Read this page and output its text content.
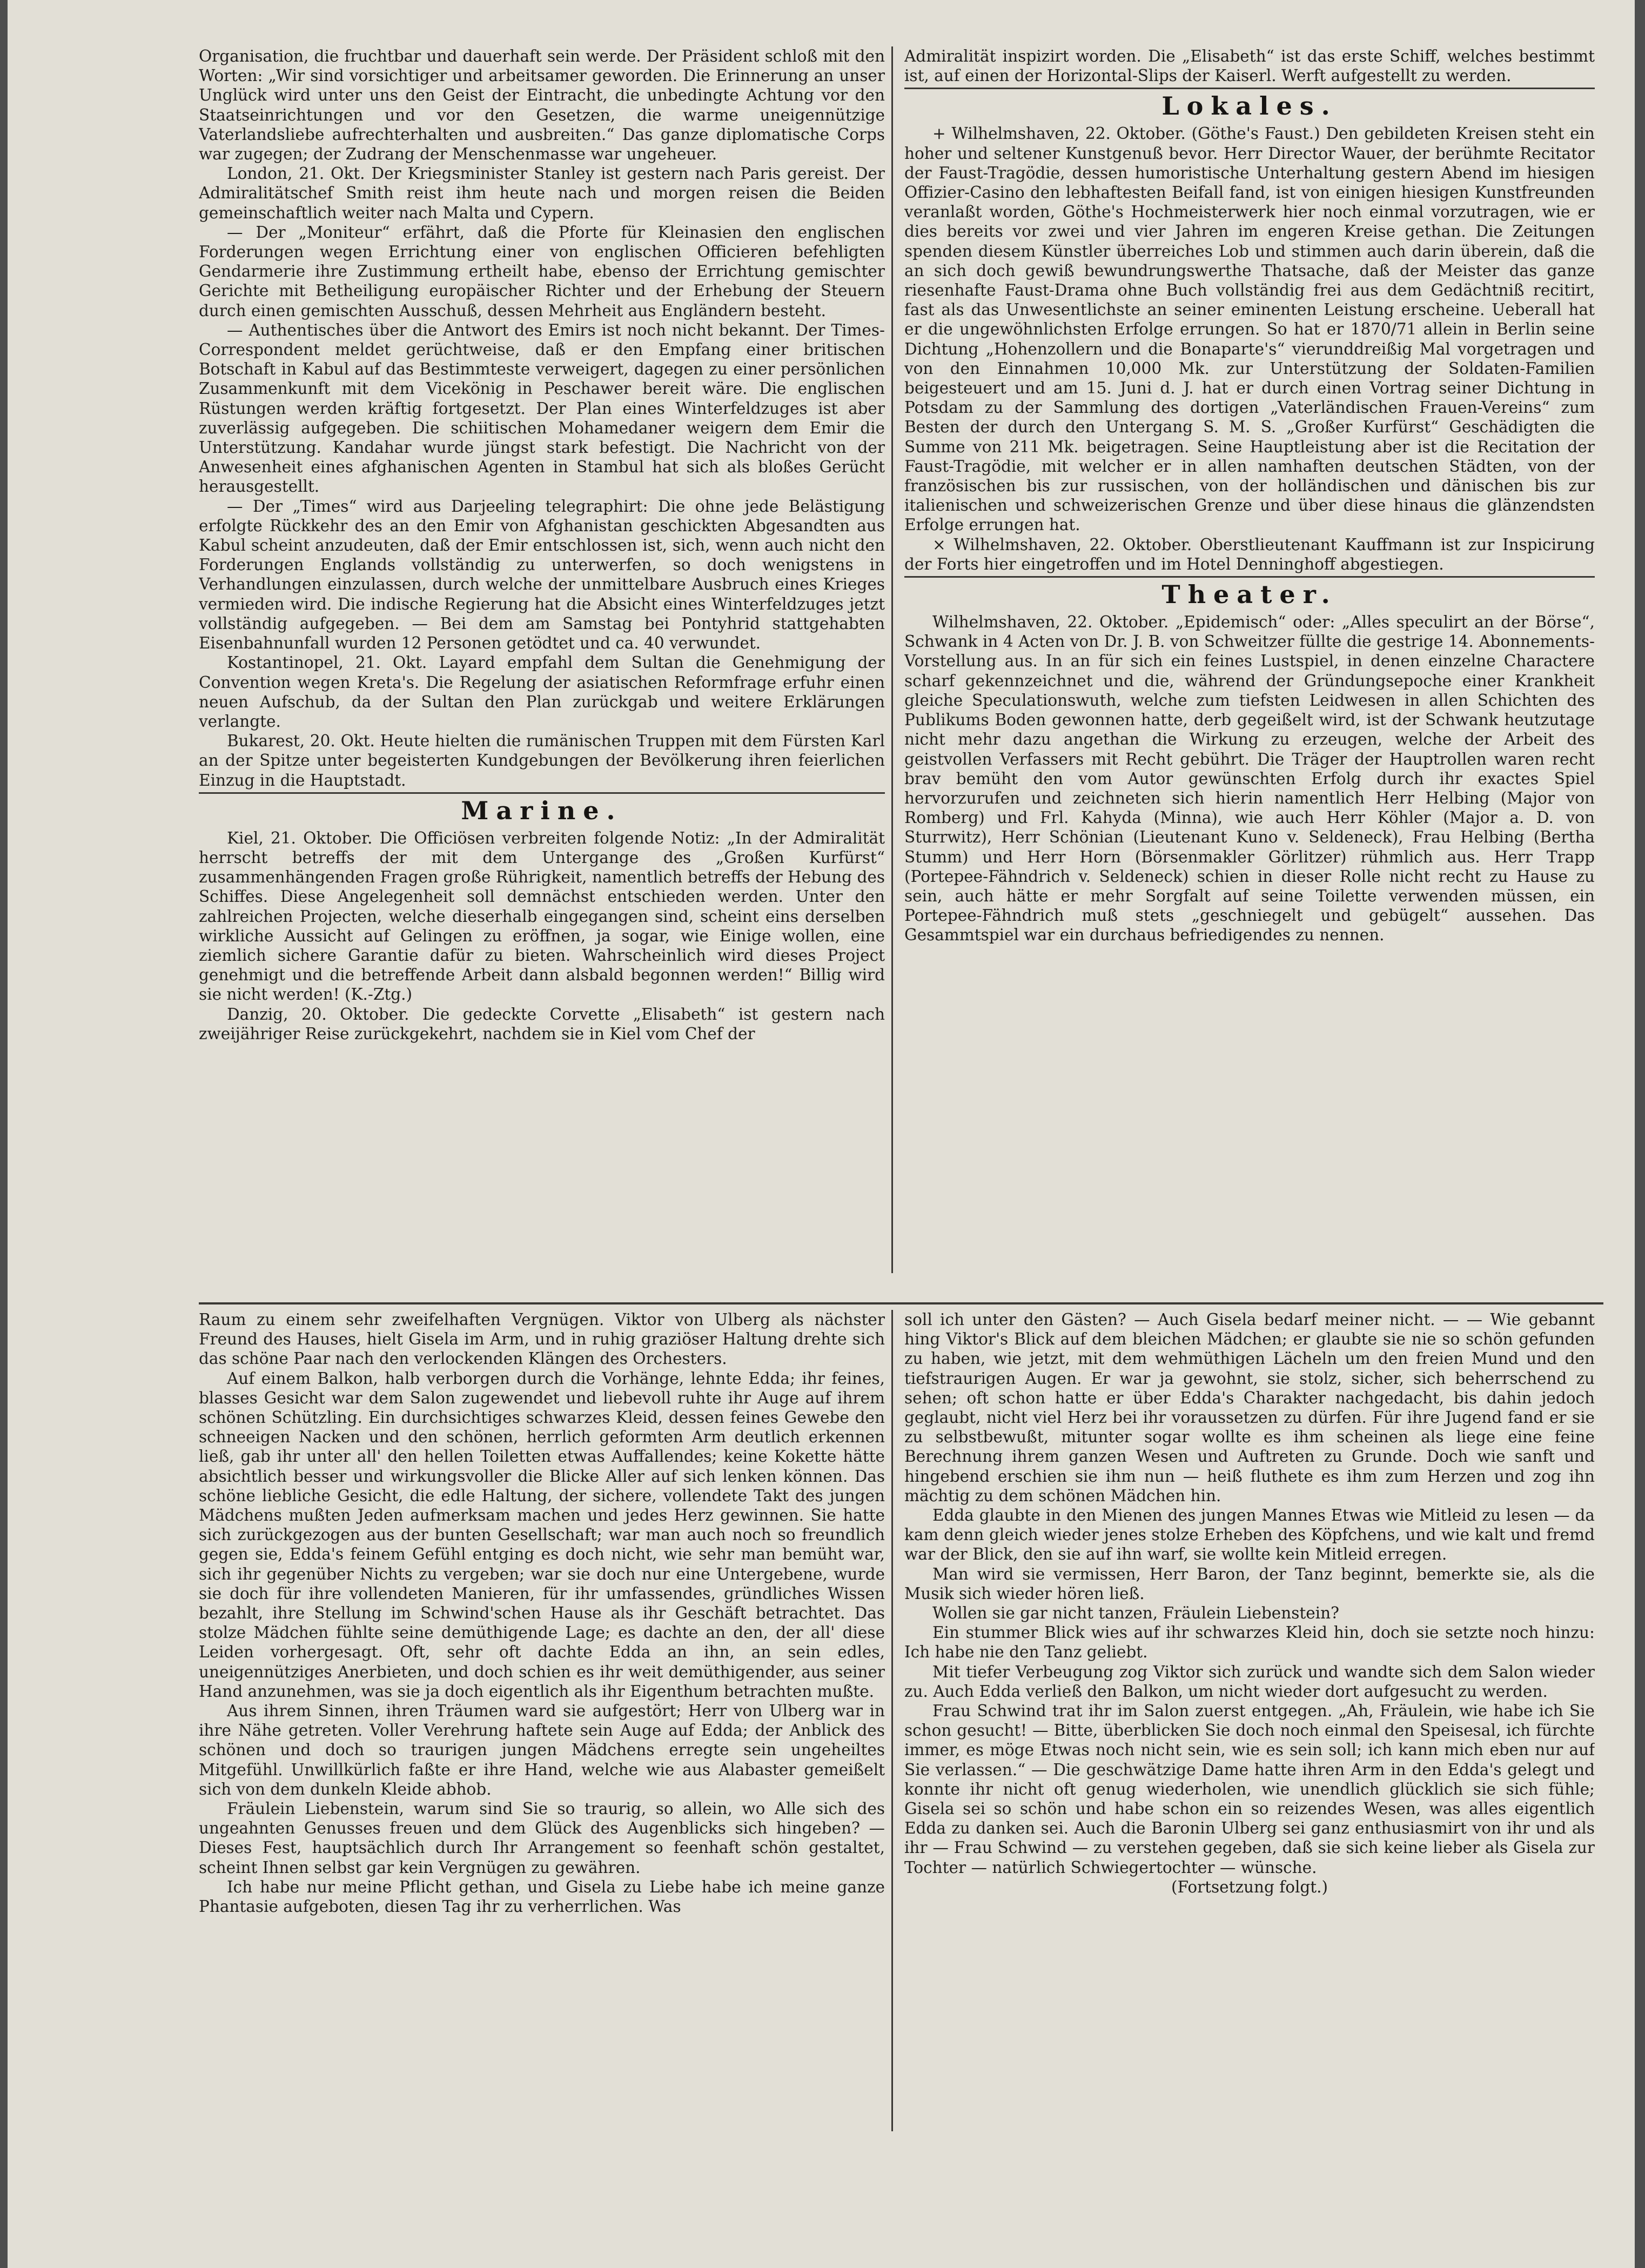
Organisation, die fruchtbar und dauerhaft sein werde. Der Präsident schloß mit den Worten: „Wir sind vorsichtiger und arbeitsamer geworden. Die Erinnerung an unser Unglück wird unter uns den Geist der Eintracht, die unbedingte Achtung vor den Staatseinrichtungen und vor den Gesetzen, die warme uneigennützige Vaterlandsliebe aufrechterhalten und ausbreiten.“ Das ganze diplomatische Corps war zugegen; der Zudrang der Menschenmasse war ungeheuer.

London, 21. Okt. Der Kriegsminister Stanley ist gestern nach Paris gereist. Der Admiralitätschef Smith reist ihm heute nach und morgen reisen die Beiden gemeinschaftlich weiter nach Malta und Cypern.

— Der „Moniteur“ erfährt, daß die Pforte für Kleinasien den englischen Forderungen wegen Errichtung einer von englischen Officieren befehligten Gendarmerie ihre Zustimmung ertheilt habe, ebenso der Errichtung gemischter Gerichte mit Betheiligung europäischer Richter und der Erhebung der Steuern durch einen gemischten Ausschuß, dessen Mehrheit aus Engländern besteht.

— Authentisches über die Antwort des Emirs ist noch nicht bekannt. Der Times-Correspondent meldet gerüchtweise, daß er den Empfang einer britischen Botschaft in Kabul auf das Bestimmteste verweigert, dagegen zu einer persönlichen Zusammenkunft mit dem Vicekönig in Peschawer bereit wäre. Die englischen Rüstungen werden kräftig fortgesetzt. Der Plan eines Winterfeldzuges ist aber zuverlässig aufgegeben. Die schiitischen Mohamedaner weigern dem Emir die Unterstützung. Kandahar wurde jüngst stark befestigt. Die Nachricht von der Anwesenheit eines afghanischen Agenten in Stambul hat sich als bloßes Gerücht herausgestellt.

— Der „Times“ wird aus Darjeeling telegraphirt: Die ohne jede Belästigung erfolgte Rückkehr des an den Emir von Afghanistan geschickten Abgesandten aus Kabul scheint anzudeuten, daß der Emir entschlossen ist, sich, wenn auch nicht den Forderungen Englands vollständig zu unterwerfen, so doch wenigstens in Verhandlungen einzulassen, durch welche der unmittelbare Ausbruch eines Krieges vermieden wird. Die indische Regierung hat die Absicht eines Winterfeldzuges jetzt vollständig aufgegeben. — Bei dem am Samstag bei Pontyhrid stattgehabten Eisenbahnunfall wurden 12 Personen getödtet und ca. 40 verwundet.

Kostantinopel, 21. Okt. Layard empfahl dem Sultan die Genehmigung der Convention wegen Kreta's. Die Regelung der asiatischen Reformfrage erfuhr einen neuen Aufschub, da der Sultan den Plan zurückgab und weitere Erklärungen verlangte.

Bukarest, 20. Okt. Heute hielten die rumänischen Truppen mit dem Fürsten Karl an der Spitze unter begeisterten Kundgebungen der Bevölkerung ihren feierlichen Einzug in die Hauptstadt.

Marine.

Kiel, 21. Oktober. Die Officiösen verbreiten folgende Notiz: „In der Admiralität herrscht betreffs der mit dem Untergange des „Großen Kurfürst“ zusammenhängenden Fragen große Rührigkeit, namentlich betreffs der Hebung des Schiffes. Diese Angelegenheit soll demnächst entschieden werden. Unter den zahlreichen Projecten, welche dieserhalb eingegangen sind, scheint eins derselben wirkliche Aussicht auf Gelingen zu eröffnen, ja sogar, wie Einige wollen, eine ziemlich sichere Garantie dafür zu bieten. Wahrscheinlich wird dieses Project genehmigt und die betreffende Arbeit dann alsbald begonnen werden!“ Billig wird sie nicht werden! (K.-Ztg.)

Danzig, 20. Oktober. Die gedeckte Corvette „Elisabeth“ ist gestern nach zweijähriger Reise zurückgekehrt, nachdem sie in Kiel vom Chef der

Admiralität inspizirt worden. Die „Elisabeth“ ist das erste Schiff, welches bestimmt ist, auf einen der Horizontal-Slips der Kaiserl. Werft aufgestellt zu werden.

Lokales.

+ Wilhelmshaven, 22. Oktober. (Göthe's Faust.) Den gebildeten Kreisen steht ein hoher und seltener Kunstgenuß bevor. Herr Director Wauer, der berühmte Recitator der Faust-Tragödie, dessen humoristische Unterhaltung gestern Abend im hiesigen Offizier-Casino den lebhaftesten Beifall fand, ist von einigen hiesigen Kunstfreunden veranlaßt worden, Göthe's Hochmeisterwerk hier noch einmal vorzutragen, wie er dies bereits vor zwei und vier Jahren im engeren Kreise gethan. Die Zeitungen spenden diesem Künstler überreiches Lob und stimmen auch darin überein, daß die an sich doch gewiß bewundrungswerthe Thatsache, daß der Meister das ganze riesenhafte Faust-Drama ohne Buch vollständig frei aus dem Gedächtniß recitirt, fast als das Unwesentlichste an seiner eminenten Leistung erscheine. Ueberall hat er die ungewöhnlichsten Erfolge errungen. So hat er 1870/71 allein in Berlin seine Dichtung „Hohenzollern und die Bonaparte's“ vierunddreißig Mal vorgetragen und von den Einnahmen 10,000 Mk. zur Unterstützung der Soldaten-Familien beigesteuert und am 15. Juni d. J. hat er durch einen Vortrag seiner Dichtung in Potsdam zu der Sammlung des dortigen „Vaterländischen Frauen-Vereins“ zum Besten der durch den Untergang S. M. S. „Großer Kurfürst“ Geschädigten die Summe von 211 Mk. beigetragen. Seine Hauptleistung aber ist die Recitation der Faust-Tragödie, mit welcher er in allen namhaften deutschen Städten, von der französischen bis zur russischen, von der holländischen und dänischen bis zur italienischen und schweizerischen Grenze und über diese hinaus die glänzendsten Erfolge errungen hat.

× Wilhelmshaven, 22. Oktober. Oberstlieutenant Kauffmann ist zur Inspicirung der Forts hier eingetroffen und im Hotel Denninghoff abgestiegen.

Theater.

Wilhelmshaven, 22. Oktober. „Epidemisch“ oder: „Alles speculirt an der Börse“, Schwank in 4 Acten von Dr. J. B. von Schweitzer füllte die gestrige 14. Abonnements-Vorstellung aus. In an für sich ein feines Lustspiel, in denen einzelne Charactere scharf gekennzeichnet und die, während der Gründungsepoche einer Krankheit gleiche Speculationswuth, welche zum tiefsten Leidwesen in allen Schichten des Publikums Boden gewonnen hatte, derb gegeißelt wird, ist der Schwank heutzutage nicht mehr dazu angethan die Wirkung zu erzeugen, welche der Arbeit des geistvollen Verfassers mit Recht gebührt. Die Träger der Hauptrollen waren recht brav bemüht den vom Autor gewünschten Erfolg durch ihr exactes Spiel hervorzurufen und zeichneten sich hierin namentlich Herr Helbing (Major von Romberg) und Frl. Kahyda (Minna), wie auch Herr Köhler (Major a. D. von Sturrwitz), Herr Schönian (Lieutenant Kuno v. Seldeneck), Frau Helbing (Bertha Stumm) und Herr Horn (Börsenmakler Görlitzer) rühmlich aus. Herr Trapp (Portepee-Fähndrich v. Seldeneck) schien in dieser Rolle nicht recht zu Hause zu sein, auch hätte er mehr Sorgfalt auf seine Toilette verwenden müssen, ein Portepee-Fähndrich muß stets „geschniegelt und gebügelt“ aussehen. Das Gesammtspiel war ein durchaus befriedigendes zu nennen.

Raum zu einem sehr zweifelhaften Vergnügen. Viktor von Ulberg als nächster Freund des Hauses, hielt Gisela im Arm, und in ruhig graziöser Haltung drehte sich das schöne Paar nach den verlockenden Klängen des Orchesters.

Auf einem Balkon, halb verborgen durch die Vorhänge, lehnte Edda; ihr feines, blasses Gesicht war dem Salon zugewendet und liebevoll ruhte ihr Auge auf ihrem schönen Schützling. Ein durchsichtiges schwarzes Kleid, dessen feines Gewebe den schneeigen Nacken und den schönen, herrlich geformten Arm deutlich erkennen ließ, gab ihr unter all' den hellen Toiletten etwas Auffallendes; keine Kokette hätte absichtlich besser und wirkungsvoller die Blicke Aller auf sich lenken können. Das schöne liebliche Gesicht, die edle Haltung, der sichere, vollendete Takt des jungen Mädchens mußten Jeden aufmerksam machen und jedes Herz gewinnen. Sie hatte sich zurückgezogen aus der bunten Gesellschaft; war man auch noch so freundlich gegen sie, Edda's feinem Gefühl entging es doch nicht, wie sehr man bemüht war, sich ihr gegenüber Nichts zu vergeben; war sie doch nur eine Untergebene, wurde sie doch für ihre vollendeten Manieren, für ihr umfassendes, gründliches Wissen bezahlt, ihre Stellung im Schwind'schen Hause als ihr Geschäft betrachtet. Das stolze Mädchen fühlte seine demüthigende Lage; es dachte an den, der all' diese Leiden vorhergesagt. Oft, sehr oft dachte Edda an ihn, an sein edles, uneigennütziges Anerbieten, und doch schien es ihr weit demüthigender, aus seiner Hand anzunehmen, was sie ja doch eigentlich als ihr Eigenthum betrachten mußte.

Aus ihrem Sinnen, ihren Träumen ward sie aufgestört; Herr von Ulberg war in ihre Nähe getreten. Voller Verehrung haftete sein Auge auf Edda; der Anblick des schönen und doch so traurigen jungen Mädchens erregte sein ungeheiltes Mitgefühl. Unwillkürlich faßte er ihre Hand, welche wie aus Alabaster gemeißelt sich von dem dunkeln Kleide abhob.

Fräulein Liebenstein, warum sind Sie so traurig, so allein, wo Alle sich des ungeahnten Genusses freuen und dem Glück des Augenblicks sich hingeben? — Dieses Fest, hauptsächlich durch Ihr Arrangement so feenhaft schön gestaltet, scheint Ihnen selbst gar kein Vergnügen zu gewähren.

Ich habe nur meine Pflicht gethan, und Gisela zu Liebe habe ich meine ganze Phantasie aufgeboten, diesen Tag ihr zu verherrlichen. Was

soll ich unter den Gästen? — Auch Gisela bedarf meiner nicht. — — Wie gebannt hing Viktor's Blick auf dem bleichen Mädchen; er glaubte sie nie so schön gefunden zu haben, wie jetzt, mit dem wehmüthigen Lächeln um den freien Mund und den tiefstraurigen Augen. Er war ja gewohnt, sie stolz, sicher, sich beherrschend zu sehen; oft schon hatte er über Edda's Charakter nachgedacht, bis dahin jedoch geglaubt, nicht viel Herz bei ihr voraussetzen zu dürfen. Für ihre Jugend fand er sie zu selbstbewußt, mitunter sogar wollte es ihm scheinen als liege eine feine Berechnung ihrem ganzen Wesen und Auftreten zu Grunde. Doch wie sanft und hingebend erschien sie ihm nun — heiß fluthete es ihm zum Herzen und zog ihn mächtig zu dem schönen Mädchen hin.

Edda glaubte in den Mienen des jungen Mannes Etwas wie Mitleid zu lesen — da kam denn gleich wieder jenes stolze Erheben des Köpfchens, und wie kalt und fremd war der Blick, den sie auf ihn warf, sie wollte kein Mitleid erregen.

Man wird sie vermissen, Herr Baron, der Tanz beginnt, bemerkte sie, als die Musik sich wieder hören ließ.

Wollen sie gar nicht tanzen, Fräulein Liebenstein?

Ein stummer Blick wies auf ihr schwarzes Kleid hin, doch sie setzte noch hinzu: Ich habe nie den Tanz geliebt.

Mit tiefer Verbeugung zog Viktor sich zurück und wandte sich dem Salon wieder zu. Auch Edda verließ den Balkon, um nicht wieder dort aufgesucht zu werden.

Frau Schwind trat ihr im Salon zuerst entgegen. „Ah, Fräulein, wie habe ich Sie schon gesucht! — Bitte, überblicken Sie doch noch einmal den Speisesal, ich fürchte immer, es möge Etwas noch nicht sein, wie es sein soll; ich kann mich eben nur auf Sie verlassen.“ — Die geschwätzige Dame hatte ihren Arm in den Edda's gelegt und konnte ihr nicht oft genug wiederholen, wie unendlich glücklich sie sich fühle; Gisela sei so schön und habe schon ein so reizendes Wesen, was alles eigentlich Edda zu danken sei. Auch die Baronin Ulberg sei ganz enthusiasmirt von ihr und als ihr — Frau Schwind — zu verstehen gegeben, daß sie sich keine lieber als Gisela zur Tochter — natürlich Schwiegertochter — wünsche.

(Fortsetzung folgt.)
